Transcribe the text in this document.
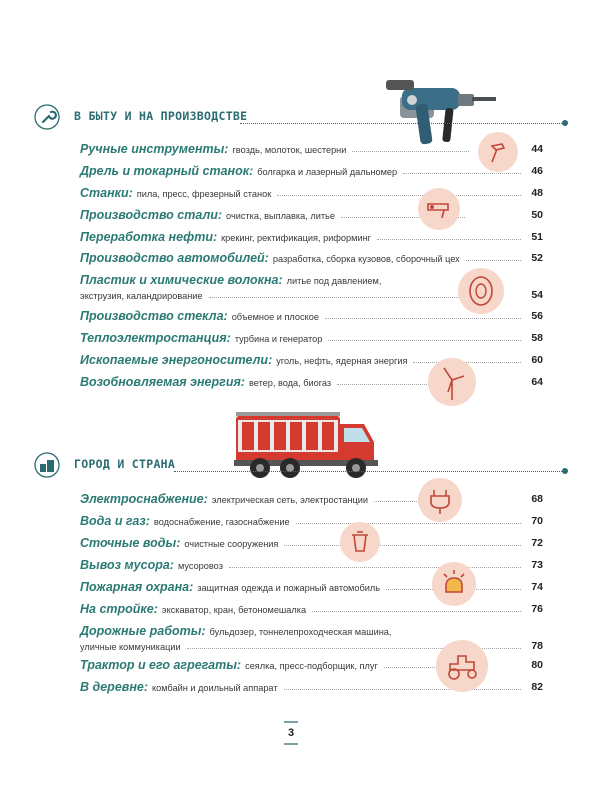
В БЫТУ И НА ПРОИЗВОДСТВЕ
Ручные инструменты: гвоздь, молоток, шестерни	44
Дрель и токарный станок: болгарка и лазерный дальномер	46
Станки: пила, пресс, фрезерный станок	48
Производство стали: очистка, выплавка, литье	50
Переработка нефти: крекинг, ректификация, риформинг	51
Производство автомобилей: разработка, сборка кузовов, сборочный цех	52
Пластик и химические волокна: литье под давлением,
экструзия, каландрирование	54
Производство стекла: объемное и плоское	56
Теплоэлектростанция: турбина и генератор	58
Ископаемые энергоносители: уголь, нефть, ядерная энергия	60
Возобновляемая энергия: ветер, вода, биогаз	64
ГОРОД И СТРАНА
Электроснабжение: электрическая сеть, электростанции	68
Вода и газ: водоснабжение, газоснабжение	70
Сточные воды: очистные сооружения	72
Вывоз мусора: мусоровоз	73
Пожарная охрана: защитная одежда и пожарный автомобиль	74
На стройке: экскаватор, кран, бетономешалка	76
Дорожные работы: бульдозер, тоннелепроходческая машина,
уличные коммуникации	78
Трактор и его агрегаты: сеялка, пресс-подборщик, плуг	80
В деревне: комбайн и доильный аппарат	82
3
